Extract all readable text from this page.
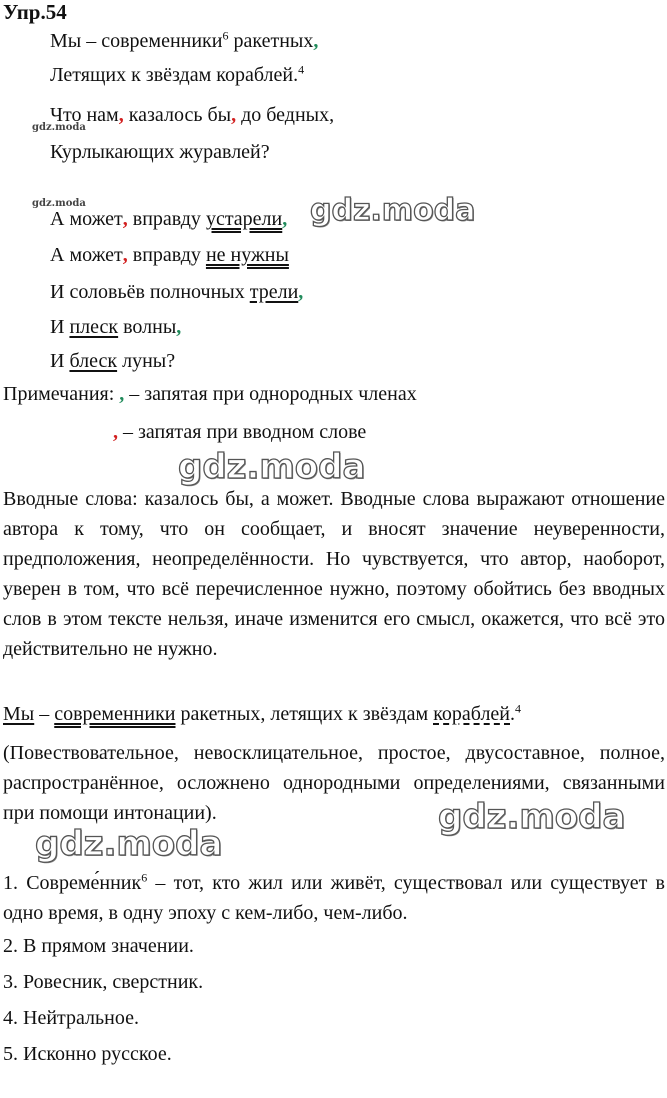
Упр.54
Мы – современники$^6$ ракетных,
Летящих к звёздам кораблей.$^4$
Что нам, казалось бы, до бедных,
Курлыкающих журавлей?
А может, вправду устарели,
А может, вправду не нужны
И соловьёв полночных трели,
И плеск волны,
И блеск луны?
Примечания: , – запятая при однородных членах
, – запятая при вводном слове
Вводные слова: казалось бы, а может. Вводные слова выражают отношение автора к тому, что он сообщает, и вносят значение неуверенности, предположения, неопределённости. Но чувствуется, что автор, наоборот, уверен в том, что всё перечисленное нужно, поэтому обойтись без вводных слов в этом тексте нельзя, иначе изменится его смысл, окажется, что всё это действительно не нужно.
Мы – современники ракетных, летящих к звёздам кораблей.$^4$
(Повествовательное, невосклицательное, простое, двусоставное, полное, распространённое, осложнено однородными определениями, связанными при помощи интонации).
1. Совреме́нник$^6$ – тот, кто жил или живёт, существовал или существует в одно время, в одну эпоху с кем-либо, чем-либо.
2. В прямом значении.
3. Ровесник, сверстник.
4. Нейтральное.
5. Исконно русское.
gdz.moda
gdz.moda	gdz.moda
gdz.moda
gdz.moda
gdz.moda
